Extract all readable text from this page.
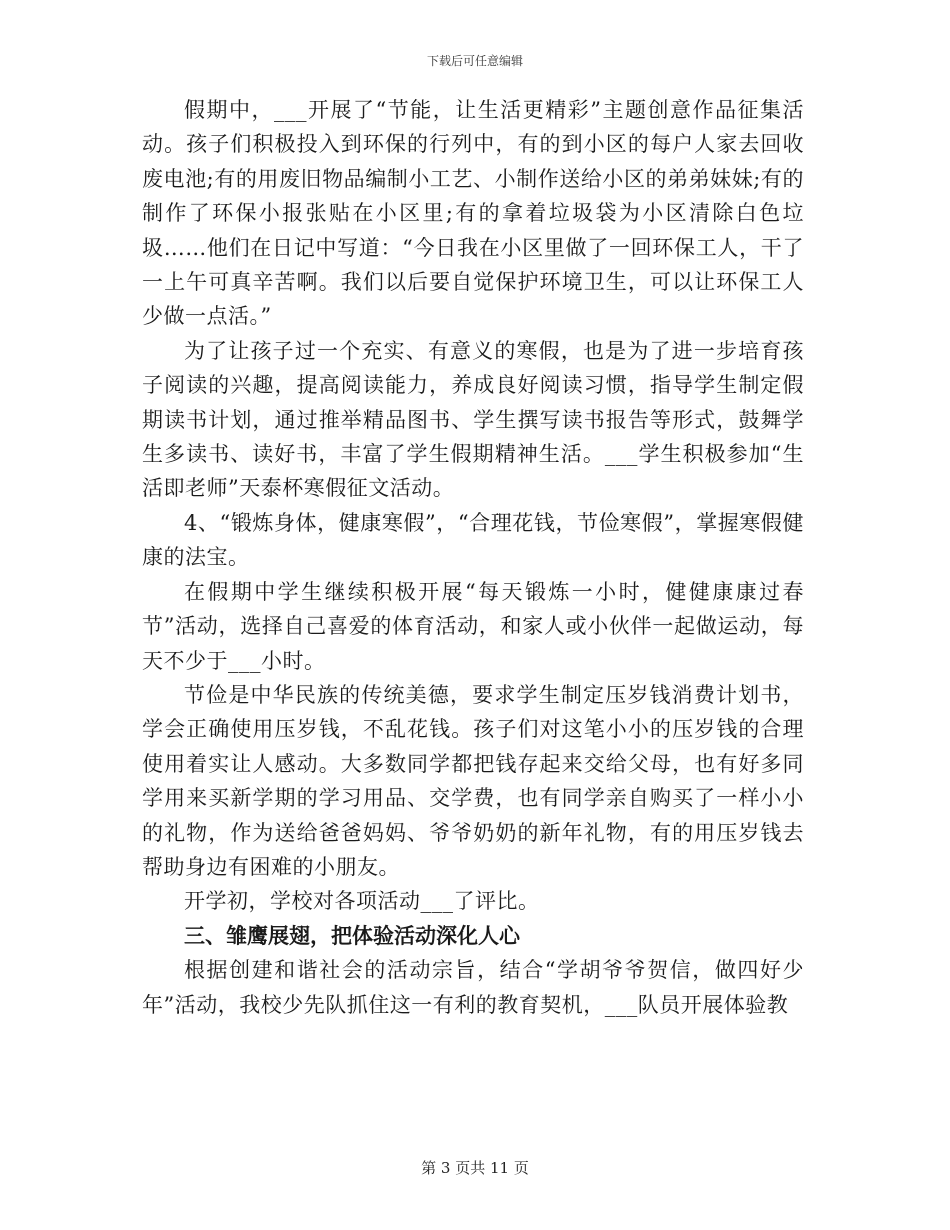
下载后可任意编辑

假期中，___开展了“节能，让生活更精彩”主题创意作品征集活动。孩子们积极投入到环保的行列中，有的到小区的每户人家去回收废电池;有的用废旧物品编制小工艺、小制作送给小区的弟弟妹妹;有的制作了环保小报张贴在小区里;有的拿着垃圾袋为小区清除白色垃圾……他们在日记中写道：“今日我在小区里做了一回环保工人，干了一上午可真辛苦啊。我们以后要自觉保护环境卫生，可以让环保工人少做一点活。”

为了让孩子过一个充实、有意义的寒假，也是为了进一步培育孩子阅读的兴趣，提高阅读能力，养成良好阅读习惯，指导学生制定假期读书计划，通过推举精品图书、学生撰写读书报告等形式，鼓舞学生多读书、读好书，丰富了学生假期精神生活。___学生积极参加“生活即老师”天泰杯寒假征文活动。

4、“锻炼身体，健康寒假”，“合理花钱，节俭寒假”，掌握寒假健康的法宝。

在假期中学生继续积极开展“每天锻炼一小时，健健康康过春节”活动，选择自己喜爱的体育活动，和家人或小伙伴一起做运动，每天不少于___小时。

节俭是中华民族的传统美德，要求学生制定压岁钱消费计划书，学会正确使用压岁钱，不乱花钱。孩子们对这笔小小的压岁钱的合理使用着实让人感动。大多数同学都把钱存起来交给父母，也有好多同学用来买新学期的学习用品、交学费，也有同学亲自购买了一样小小的礼物，作为送给爸爸妈妈、爷爷奶奶的新年礼物，有的用压岁钱去帮助身边有困难的小朋友。

开学初，学校对各项活动___了评比。

三、雏鹰展翅，把体验活动深化人心

根据创建和谐社会的活动宗旨，结合“学胡爷爷贺信，做四好少年”活动，我校少先队抓住这一有利的教育契机，___队员开展体验教

第 3 页共 11 页
